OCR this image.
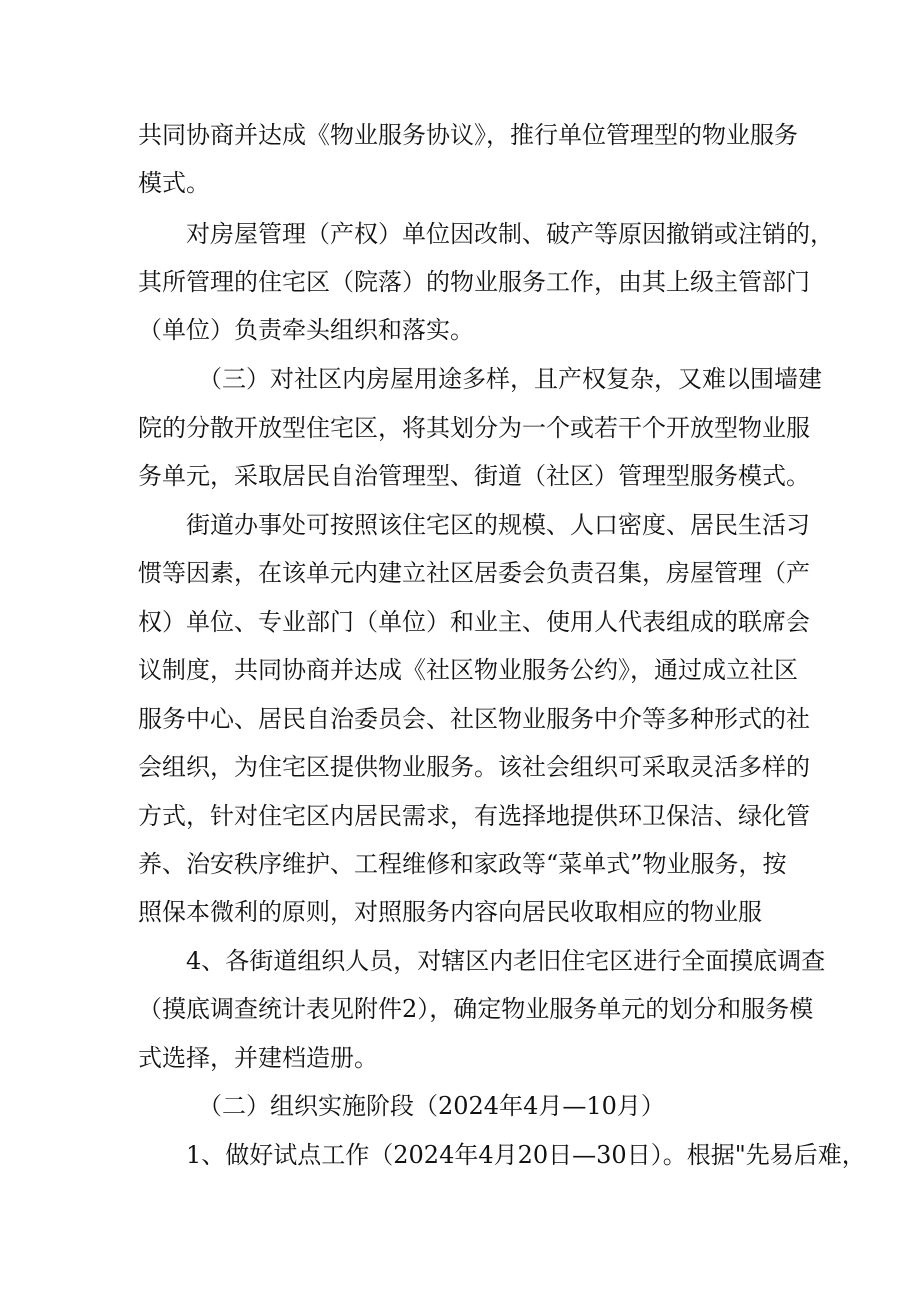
共同协商并达成《物业服务协议》，推行单位管理型的物业服务

模式。

对房屋管理（产权）单位因改制、破产等原因撤销或注销的，

其所管理的住宅区（院落）的物业服务工作，由其上级主管部门

（单位）负责牵头组织和落实。

（三）对社区内房屋用途多样，且产权复杂，又难以围墙建

院的分散开放型住宅区，将其划分为一个或若干个开放型物业服

务单元，采取居民自治管理型、街道（社区）管理型服务模式。

街道办事处可按照该住宅区的规模、人口密度、居民生活习

惯等因素，在该单元内建立社区居委会负责召集，房屋管理（产

权）单位、专业部门（单位）和业主、使用人代表组成的联席会

议制度，共同协商并达成《社区物业服务公约》，通过成立社区

服务中心、居民自治委员会、社区物业服务中介等多种形式的社

会组织，为住宅区提供物业服务。该社会组织可采取灵活多样的

方式，针对住宅区内居民需求，有选择地提供环卫保洁、绿化管

养、治安秩序维护、工程维修和家政等“菜单式”物业服务，按

照保本微利的原则，对照服务内容向居民收取相应的物业服

4、各街道组织人员，对辖区内老旧住宅区进行全面摸底调查

（摸底调查统计表见附件2），确定物业服务单元的划分和服务模

式选择，并建档造册。

（二）组织实施阶段（2024年4月—10月）

1、做好试点工作（2024年4月20日—30日）。根据"先易后难，
